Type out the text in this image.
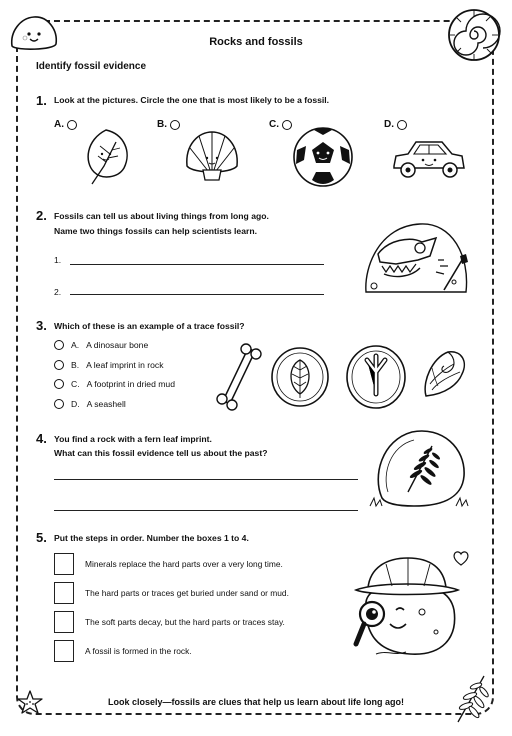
Rocks and fossils
Identify fossil evidence
1. Look at the pictures. Circle the one that is most likely to be a fossil.
A.	B.	C.	D.
2. Fossils can tell us about living things from long ago.
Name two things fossils can help scientists learn.
1.
2.
3. Which of these is an example of a trace fossil?
A. A dinosaur bone
B. A leaf imprint in rock
C. A footprint in dried mud
D. A seashell
4. You find a rock with a fern leaf imprint.
What can this fossil evidence tell us about the past?
5. Put the steps in order. Number the boxes 1 to 4.
Minerals replace the hard parts over a very long time.
The hard parts or traces get buried under sand or mud.
The soft parts decay, but the hard parts or traces stay.
A fossil is formed in the rock.
Look closely—fossils are clues that help us learn about life long ago!
